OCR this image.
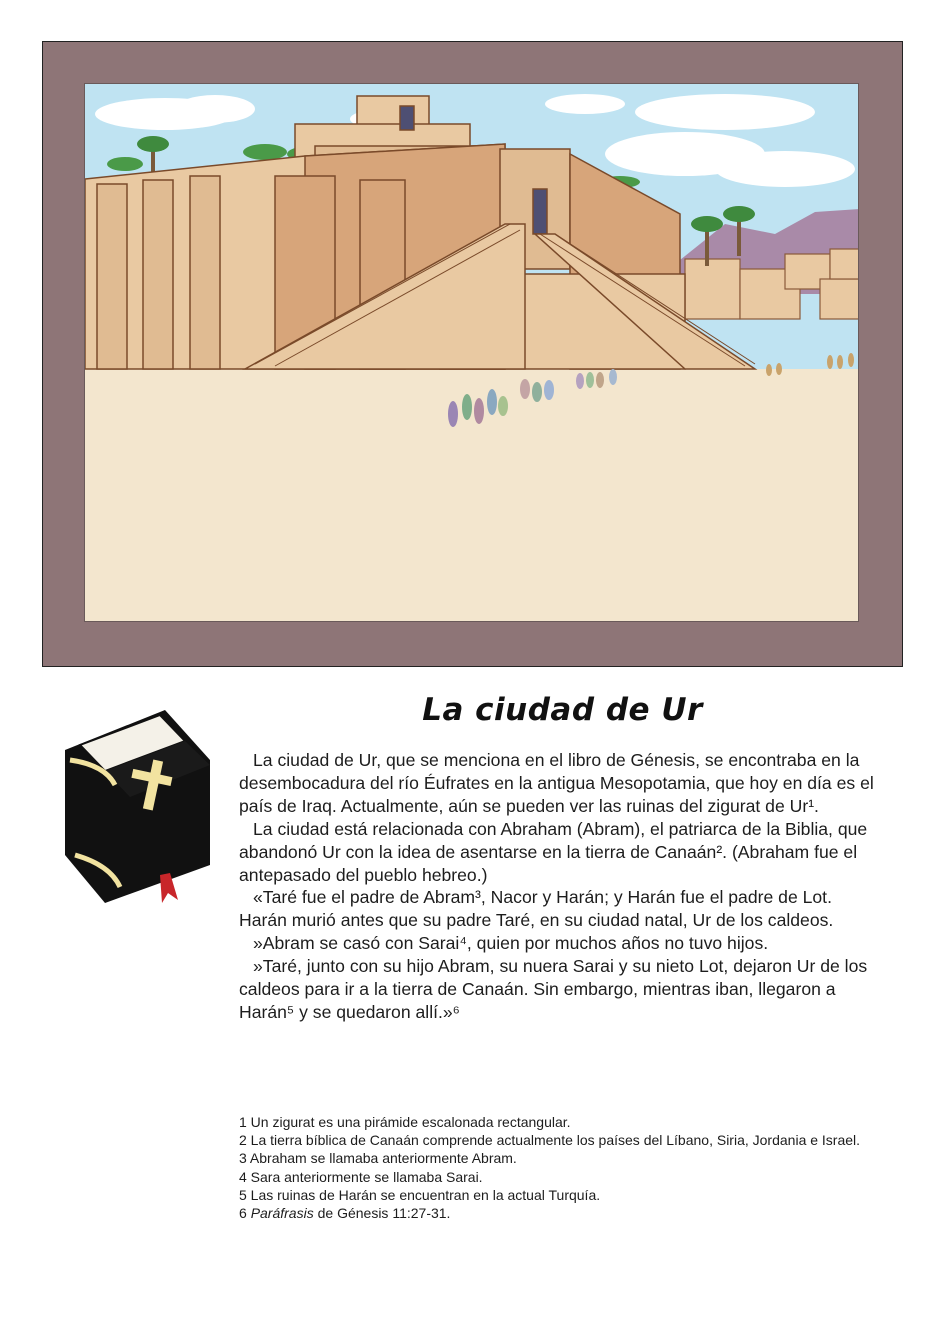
La ciudad de Ur

La ciudad de Ur, que se menciona en el libro de Génesis, se encontraba en la desembocadura del río Éufrates en la antigua Mesopotamia, que hoy en día es el país de Iraq. Actualmente, aún se pueden ver las ruinas del zigurat de Ur¹.

La ciudad está relacionada con Abraham (Abram), el patriarca de la Biblia, que abandonó Ur con la idea de asentarse en la tierra de Canaán². (Abraham fue el antepasado del pueblo hebreo.)

«Taré fue el padre de Abram³, Nacor y Harán; y Harán fue el padre de Lot. Harán murió antes que su padre Taré, en su ciudad natal, Ur de los caldeos.

»Abram se casó con Sarai⁴, quien por muchos años no tuvo hijos.

»Taré, junto con su hijo Abram, su nuera Sarai y su nieto Lot, dejaron Ur de los caldeos para ir a la tierra de Canaán. Sin embargo, mientras iban, llegaron a Harán⁵ y se quedaron allí.»⁶

1 Un zigurat es una pirámide escalonada rectangular.

2 La tierra bíblica de Canaán comprende actualmente los países del Líbano, Siria, Jordania e Israel.

3 Abraham se llamaba anteriormente Abram.

4 Sara anteriormente se llamaba Sarai.

5 Las ruinas de Harán se encuentran en la actual Turquía.

6 Paráfrasis de Génesis 11:27-31.
